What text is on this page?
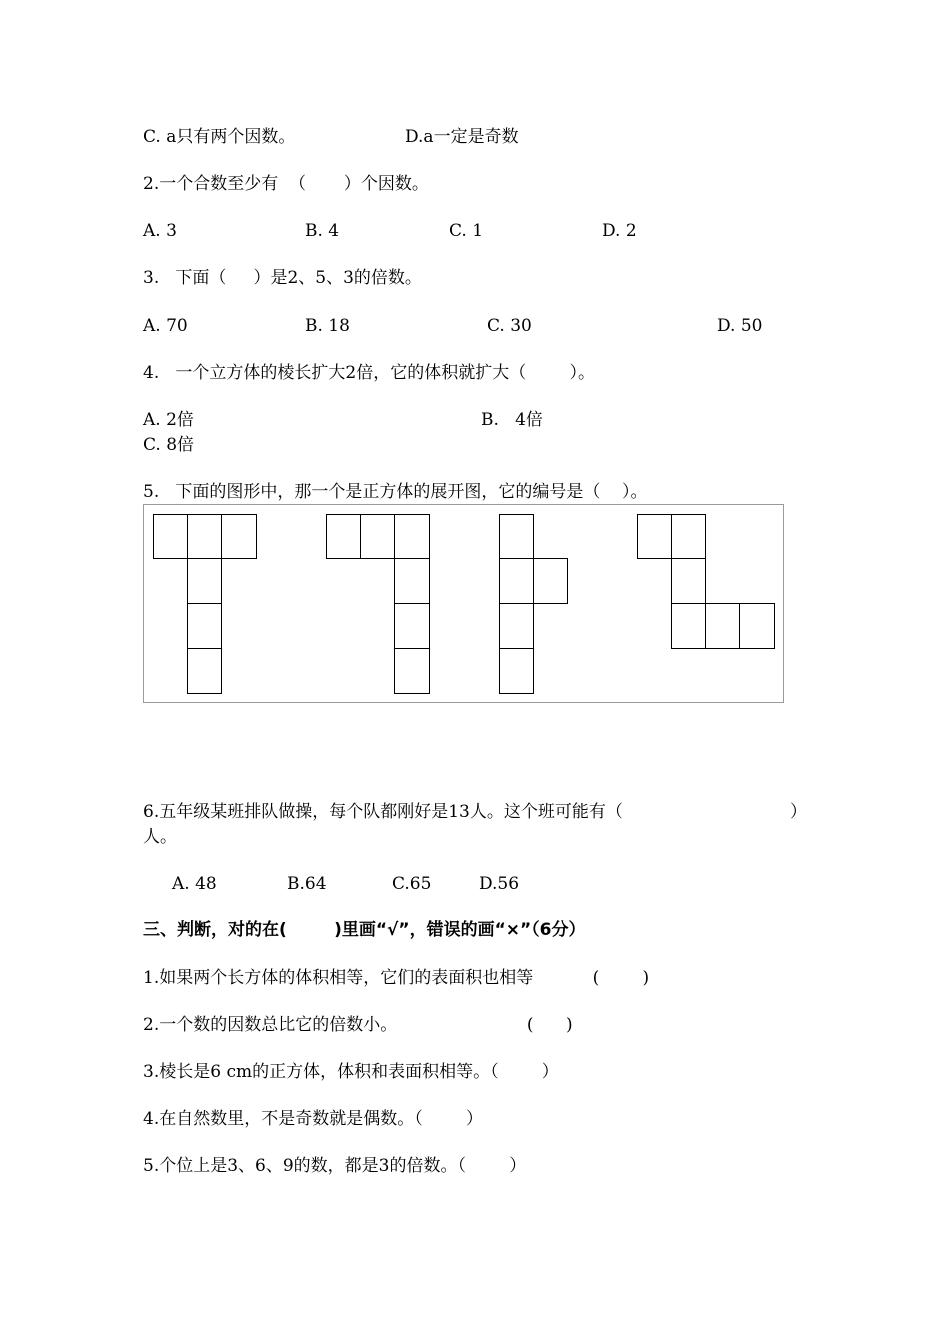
C. a只有两个因数。	D.a一定是奇数
2.一个合数至少有  （       ）个因数。
A. 3	B. 4	C. 1	D. 2
3.   下面（     ）是2、5、3的倍数。
A. 70	B. 18	C. 30	D. 50
4.   一个立方体的棱长扩大2倍，它的体积就扩大（        ）。
A. 2倍	B.   4倍
C. 8倍
5.   下面的图形中，那一个是正方体的展开图，它的编号是（    ）。
6.五年级某班排队做操，每个队都刚好是13人。这个班可能有（	）
人。
A. 48	B.64	C.65	D.56
三、判断，对的在(        )里画“√”，错误的画“×”（6分）
1.如果两个长方体的体积相等，它们的表面积也相等           (        )
2.一个数的因数总比它的倍数小。                        (      )
3.棱长是6 cm的正方体，体积和表面积相等。（        ）
4.在自然数里，不是奇数就是偶数。（        ）
5.个位上是3、6、9的数，都是3的倍数。（        ）
